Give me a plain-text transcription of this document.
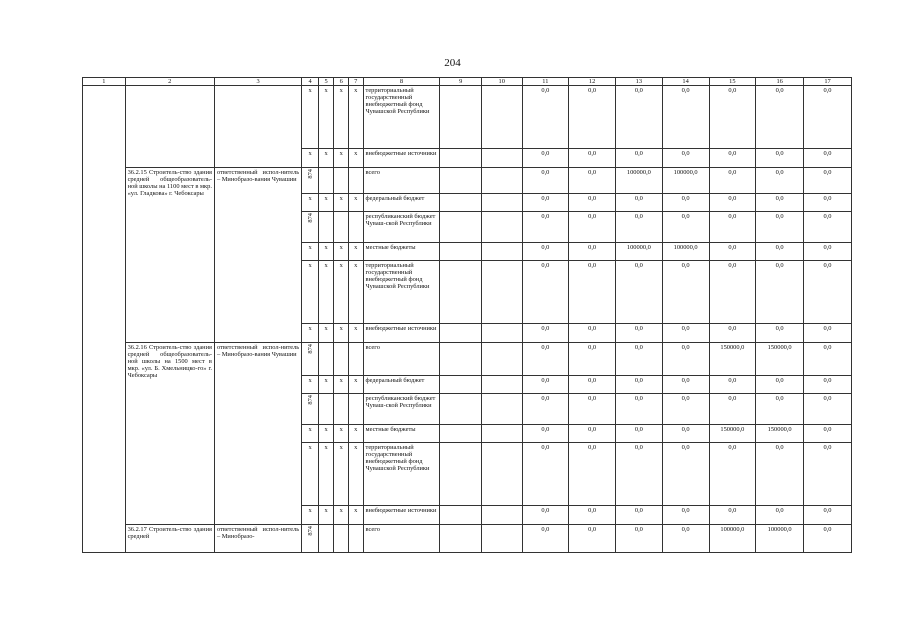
204
1	2	3	4	5	6	7	8	9	10	11	12	13	14	15	16	17
			x	x	x	x	территориальный государственный внебюджетный фонд Чувашской Республики			0,0	0,0	0,0	0,0	0,0	0,0	0,0
			x	x	x	x	внебюджетные источники			0,0	0,0	0,0	0,0	0,0	0,0	0,0
	36.2.15 Строитель-ство здания средней общеобразователь-ной школы на 1100 мест в мкр. «ул. Гладкова» г. Чебоксары	ответственный испол-нитель – Минобразо-вания Чувашии	874				всего			0,0	0,0	100000,0	100000,0	0,0	0,0	0,0
			x	x	x	x	федеральный бюджет			0,0	0,0	0,0	0,0	0,0	0,0	0,0
			874				республиканский бюджет Чуваш-ской Республики			0,0	0,0	0,0	0,0	0,0	0,0	0,0
			x	x	x	x	местные бюджеты			0,0	0,0	100000,0	100000,0	0,0	0,0	0,0
			x	x	x	x	территориальный государственный внебюджетный фонд Чувашской Республики			0,0	0,0	0,0	0,0	0,0	0,0	0,0
			x	x	x	x	внебюджетные источники			0,0	0,0	0,0	0,0	0,0	0,0	0,0
	36.2.16 Строитель-ство здания средней общеобразователь-ной школы на 1500 мест в мкр. «ул. Б. Хмельницко-го» г. Чебоксары	ответственный испол-нитель – Минобразо-вания Чувашии	874				всего			0,0	0,0	0,0	0,0	150000,0	150000,0	0,0
			x	x	x	x	федеральный бюджет			0,0	0,0	0,0	0,0	0,0	0,0	0,0
			874				республиканский бюджет Чуваш-ской Республики			0,0	0,0	0,0	0,0	0,0	0,0	0,0
			x	x	x	x	местные бюджеты			0,0	0,0	0,0	0,0	150000,0	150000,0	0,0
			x	x	x	x	территориальный государственный внебюджетный фонд Чувашской Республики			0,0	0,0	0,0	0,0	0,0	0,0	0,0
			x	x	x	x	внебюджетные источники			0,0	0,0	0,0	0,0	0,0	0,0	0,0
	36.2.17 Строитель-ство здания средней	ответственный испол-нитель – Минобразо-	874				всего			0,0	0,0	0,0	0,0	100000,0	100000,0	0,0
